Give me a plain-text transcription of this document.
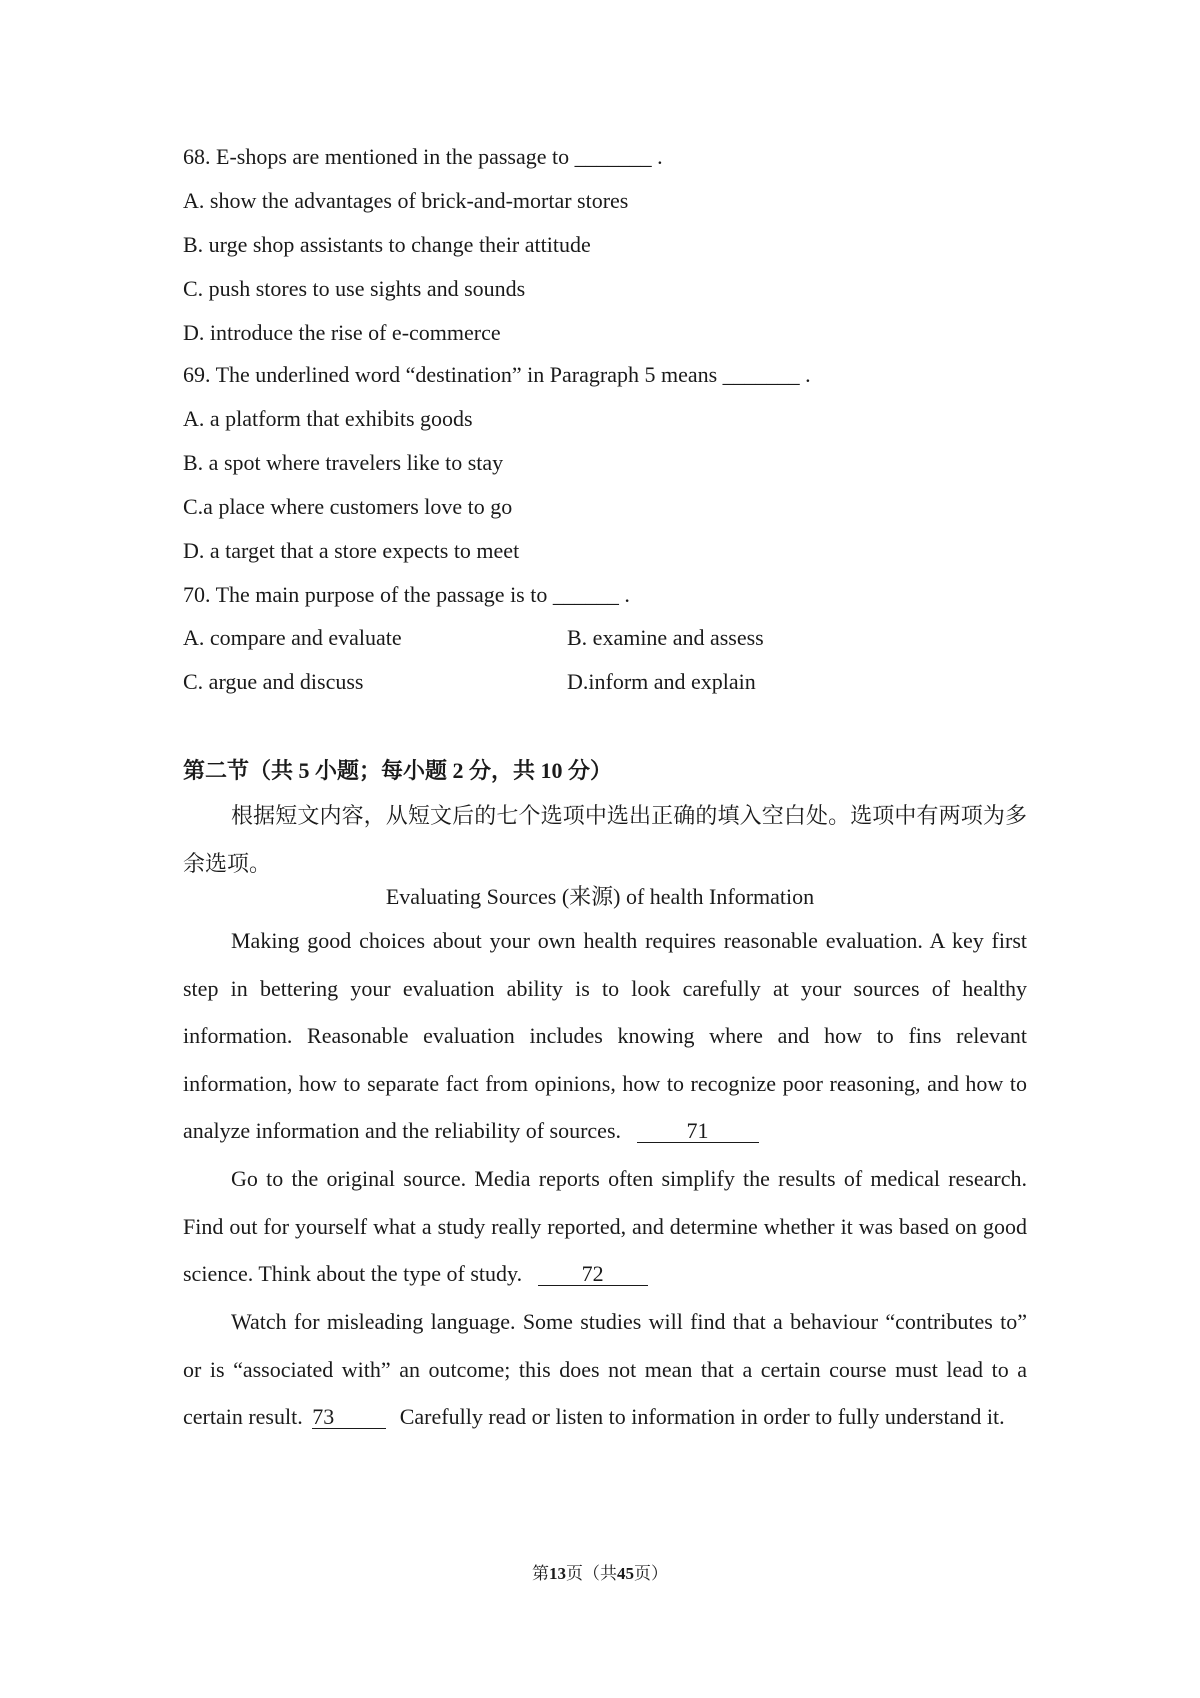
68. E-shops are mentioned in the passage to _______ .
A. show the advantages of brick-and-mortar stores
B. urge shop assistants to change their attitude
C. push stores to use sights and sounds
D. introduce the rise of e-commerce
69. The underlined word “destination” in Paragraph 5 means _______ .
A. a platform that exhibits goods
B. a spot where travelers like to stay
C.a place where customers love to go
D. a target that a store expects to meet
70. The main purpose of the passage is to ______ .
A. compare and evaluate	B. examine and assess
C. argue and discuss	D.inform and explain
第二节（共 5 小题；每小题 2 分，共 10 分）
根据短文内容，从短文后的七个选项中选出正确的填入空白处。选项中有两项为多余选项。
Evaluating Sources (来源) of health Information
Making good choices about your own health requires reasonable evaluation. A key first step in bettering your evaluation ability is to look carefully at your sources of healthy information. Reasonable evaluation includes knowing where and how to fins relevant information, how to separate fact from opinions, how to recognize poor reasoning, and how to analyze information and the reliability of sources.	71
Go to the original source. Media reports often simplify the results of medical research. Find out for yourself what a study really reported, and determine whether it was based on good science. Think about the type of study.	72
Watch for misleading language. Some studies will find that a behaviour “contributes to” or is “associated with” an outcome; this does not mean that a certain course must lead to a certain result. 73	Carefully read or listen to information in order to fully understand it.
第13页（共45页）
